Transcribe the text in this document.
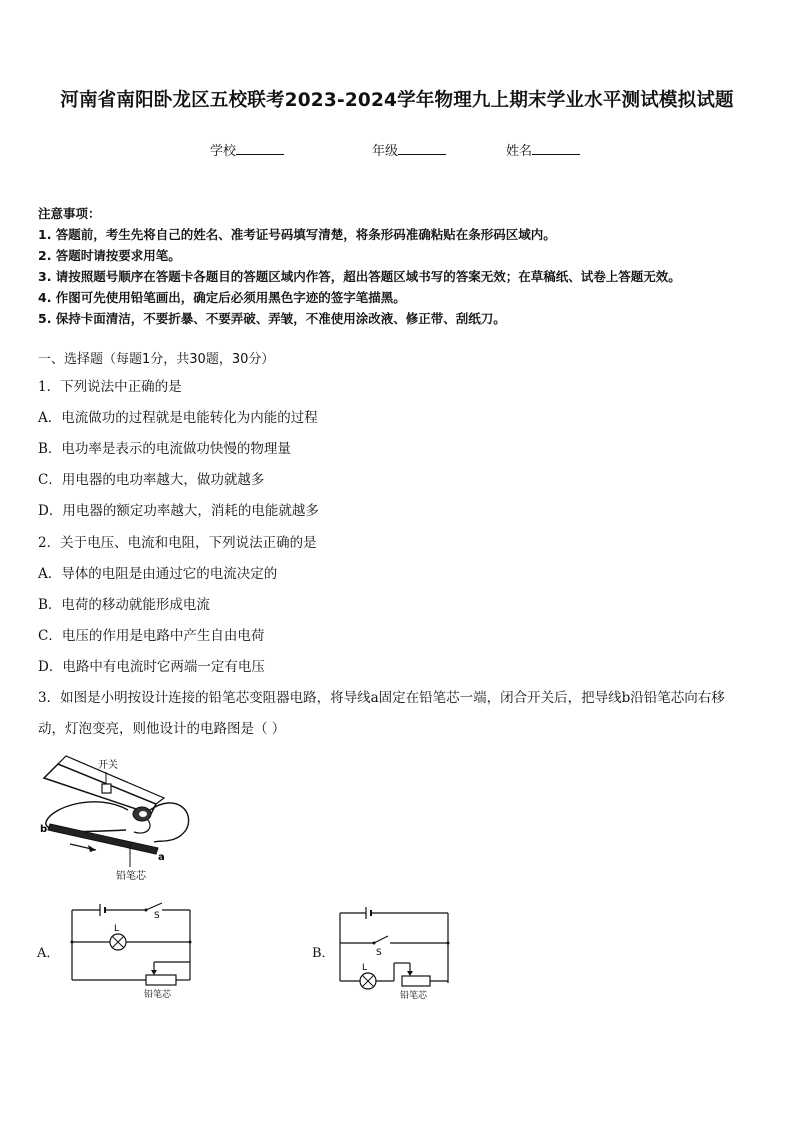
河南省南阳卧龙区五校联考2023-2024学年物理九上期末学业水平测试模拟试题
学校	年级	姓名
注意事项：
1. 答题前，考生先将自己的姓名、准考证号码填写清楚，将条形码准确粘贴在条形码区域内。
2. 答题时请按要求用笔。
3. 请按照题号顺序在答题卡各题目的答题区域内作答，超出答题区域书写的答案无效；在草稿纸、试卷上答题无效。
4. 作图可先使用铅笔画出，确定后必须用黑色字迹的签字笔描黑。
5. 保持卡面清洁，不要折暴、不要弄破、弄皱，不准使用涂改液、修正带、刮纸刀。
一、选择题（每题1分，共30题，30分）
1．下列说法中正确的是
A．电流做功的过程就是电能转化为内能的过程
B．电功率是表示的电流做功快慢的物理量
C．用电器的电功率越大，做功就越多
D．用电器的额定功率越大，消耗的电能就越多
2．关于电压、电流和电阻，下列说法正确的是
A．导体的电阻是由通过它的电流决定的
B．电荷的移动就能形成电流
C．电压的作用是电路中产生自由电荷
D．电路中有电流时它两端一定有电压
3．如图是小明按设计连接的铅笔芯变阻器电路，将导线a固定在铅笔芯一端，闭合开关后，把导线b沿铅笔芯向右移
动，灯泡变亮，则他设计的电路图是（ ）
开关
b
a
铅笔芯
A．
S
L
铅笔芯
B．	S
L
铅笔芯
